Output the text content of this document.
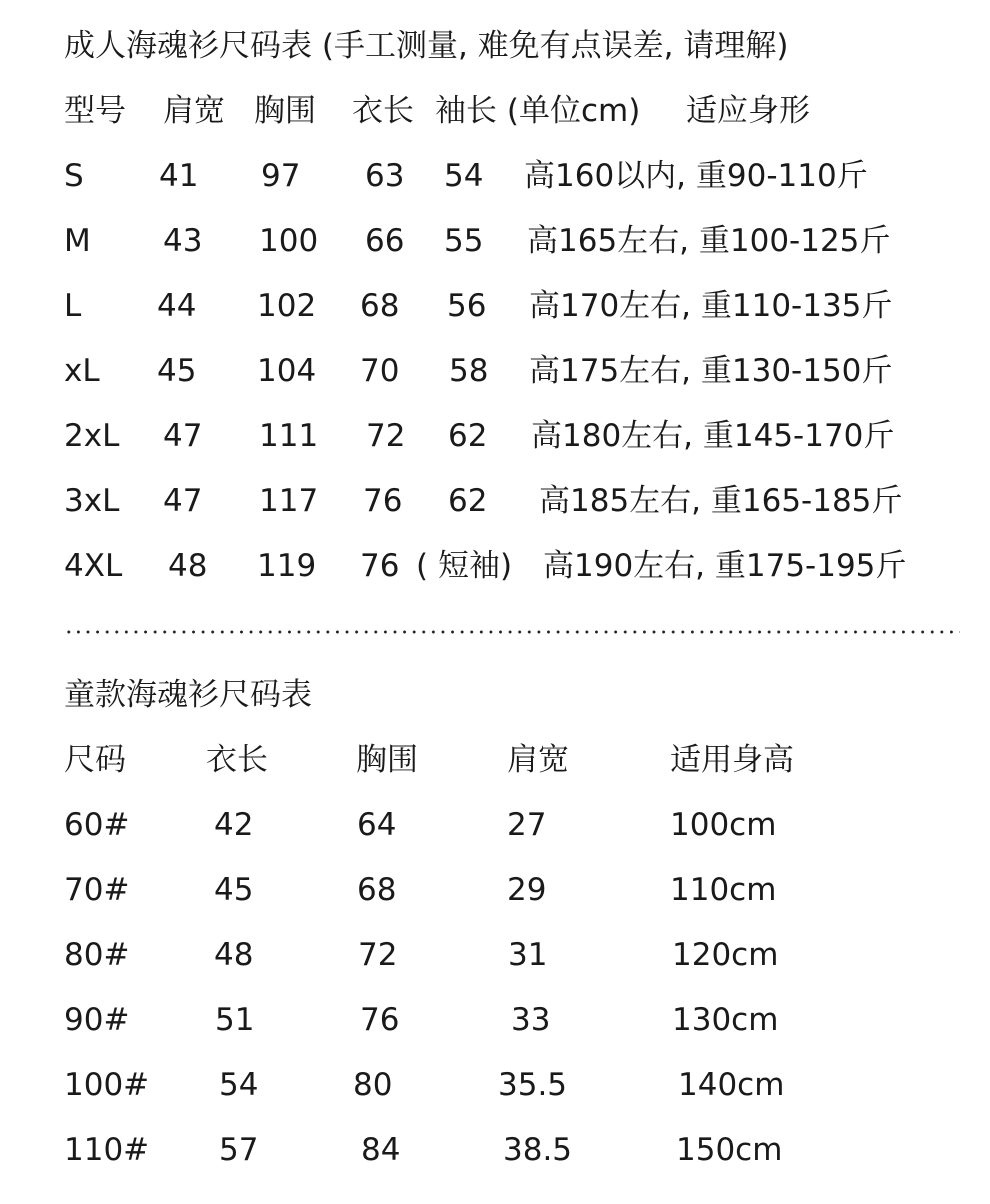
成人海魂衫尺码表 (手工测量, 难免有点误差, 请理解)
型号 肩宽 胸围 衣长 袖长 (单位cm) 适应身形
S 41 97 63 54 高160以内, 重90-110斤
M 43 100 66 55 高165左右, 重100-125斤
L 44 102 68 56 高170左右, 重110-135斤
xL 45 104 70 58 高175左右, 重130-150斤
2xL 47 111 72 62 高180左右, 重145-170斤
3xL 47 117 76 62 高185左右, 重165-185斤
4XL 48 119 76 ( 短袖) 高190左右, 重175-195斤
童款海魂衫尺码表
尺码	衣长	胸围	肩宽	适用身高
60#	42	64	27	100cm
70#	45	68	29	110cm
80#	48	72	31	120cm
90#	51	76	33	130cm
100# 54	80	35.5	140cm
110# 57	84	38.5	150cm
